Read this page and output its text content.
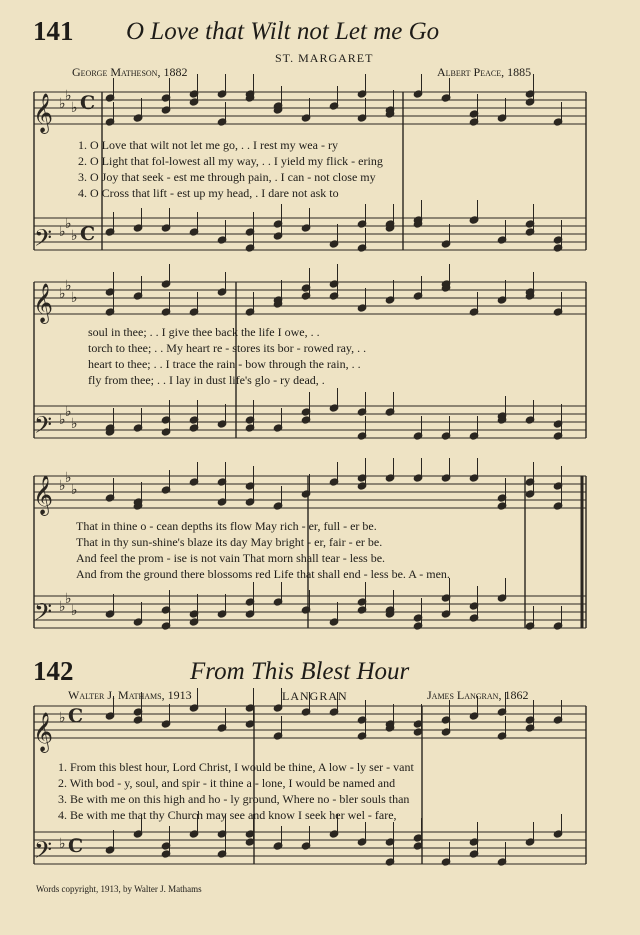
𝄞
𝄞
𝄞
𝄞
𝄢
𝄢
𝄢
𝄢
♭ ♭
♭
♭ ♭
♭
♭ ♭
♭
♭ ♭
♭
♭ ♭
♭
♭ ♭
♭
♭
♭
C
C
C
C
141 O Love that Wilt not Let me Go
ST. MARGARET
George Matheson, 1882	Albert Peace, 1885
1. O Love that wilt not let me go, . . I rest my wea - ry
2. O Light that fol-lowest all my way, . . I yield my flick - ering
3. O Joy that seek - est me through pain, . I can - not close my
4. O Cross that lift - est up my head, . I dare not ask to
soul in thee; . . I give thee back the life I owe, . .
torch to thee; . . My heart re - stores its bor - rowed ray, . .
heart to thee; . . I trace the rain - bow through the rain, . .
fly from thee; . . I lay in dust life's glo - ry dead, .
That in thine o - cean depths its flow May rich - er, full - er be.
That in thy sun-shine's blaze its day May bright - er, fair - er be.
And feel the prom - ise is not vain That morn shall tear - less be.
And from the ground there blossoms red Life that shall end - less be. A - men.
142	From This Blest Hour
Walter J. Mathams, 1913	LANGRAN	James Langran, 1862
1. From this blest hour, Lord Christ, I would be thine, A low - ly ser - vant
2. With bod - y, soul, and spir - it thine a - lone, I would be named and
3. Be with me on this high and ho - ly ground, Where no - bler souls than
4. Be with me that thy Church may see and know I seek her wel - fare,
Words copyright, 1913, by Walter J. Mathams
